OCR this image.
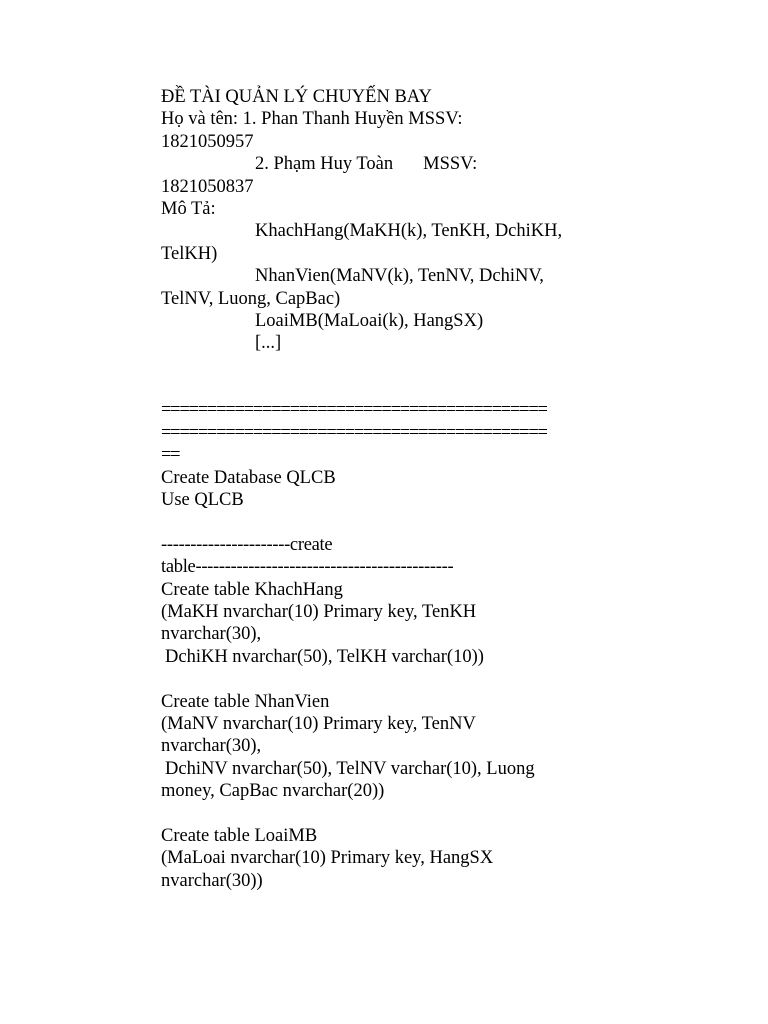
ĐỀ TÀI QUẢN LÝ CHUYẾN BAY
Họ và tên: 1. Phan Thanh Huyền MSSV:
1821050957
2. Phạm Huy Toàn MSSV:
1821050837
Mô Tả:
KhachHang(MaKH(k), TenKH, DchiKH,
TelKH)
NhanVien(MaNV(k), TenNV, DchiNV,
TelNV, Luong, CapBac)
LoaiMB(MaLoai(k), HangSX)
[...]
==========================================
==========================================
==
Create Database QLCB
Use QLCB
----------------------create
table--------------------------------------------
Create table KhachHang
(MaKH nvarchar(10) Primary key, TenKH
nvarchar(30),
DchiKH nvarchar(50), TelKH varchar(10))
Create table NhanVien
(MaNV nvarchar(10) Primary key, TenNV
nvarchar(30),
DchiNV nvarchar(50), TelNV varchar(10), Luong
money, CapBac nvarchar(20))
Create table LoaiMB
(MaLoai nvarchar(10) Primary key, HangSX
nvarchar(30))
